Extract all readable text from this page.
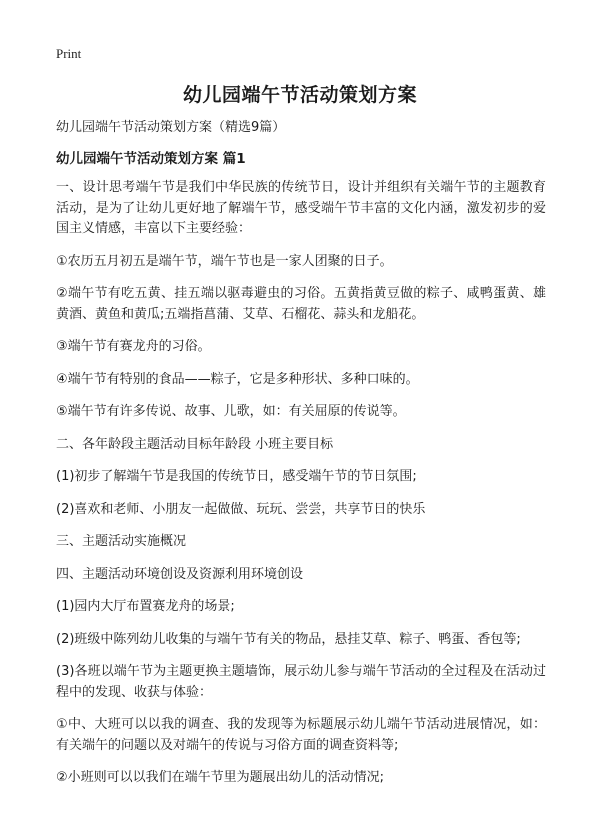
Print
幼儿园端午节活动策划方案
幼儿园端午节活动策划方案（精选9篇）
幼儿园端午节活动策划方案 篇1

一、设计思考端午节是我们中华民族的传统节日，设计并组织有关端午节的主题教育活动，是为了让幼儿更好地了解端午节，感受端午节丰富的文化内涵，激发初步的爱国主义情感，丰富以下主要经验：

①农历五月初五是端午节，端午节也是一家人团聚的日子。

②端午节有吃五黄、挂五端以驱毒避虫的习俗。五黄指黄豆做的粽子、咸鸭蛋黄、雄黄酒、黄鱼和黄瓜;五端指菖蒲、艾草、石榴花、蒜头和龙船花。

③端午节有赛龙舟的习俗。

④端午节有特别的食品——粽子，它是多种形状、多种口味的。

⑤端午节有许多传说、故事、儿歌，如：有关屈原的传说等。

二、各年龄段主题活动目标年龄段 小班主要目标

(1)初步了解端午节是我国的传统节日，感受端午节的节日氛围;

(2)喜欢和老师、小朋友一起做做、玩玩、尝尝，共享节日的快乐

三、主题活动实施概况

四、主题活动环境创设及资源利用环境创设

(1)园内大厅布置赛龙舟的场景;

(2)班级中陈列幼儿收集的与端午节有关的物品，悬挂艾草、粽子、鸭蛋、香包等;

(3)各班以端午节为主题更换主题墙饰，展示幼儿参与端午节活动的全过程及在活动过程中的发现、收获与体验：

①中、大班可以以我的调查、我的发现等为标题展示幼儿端午节活动进展情况，如：有关端午的问题以及对端午的传说与习俗方面的调查资料等;

②小班则可以以我们在端午节里为题展出幼儿的活动情况;
